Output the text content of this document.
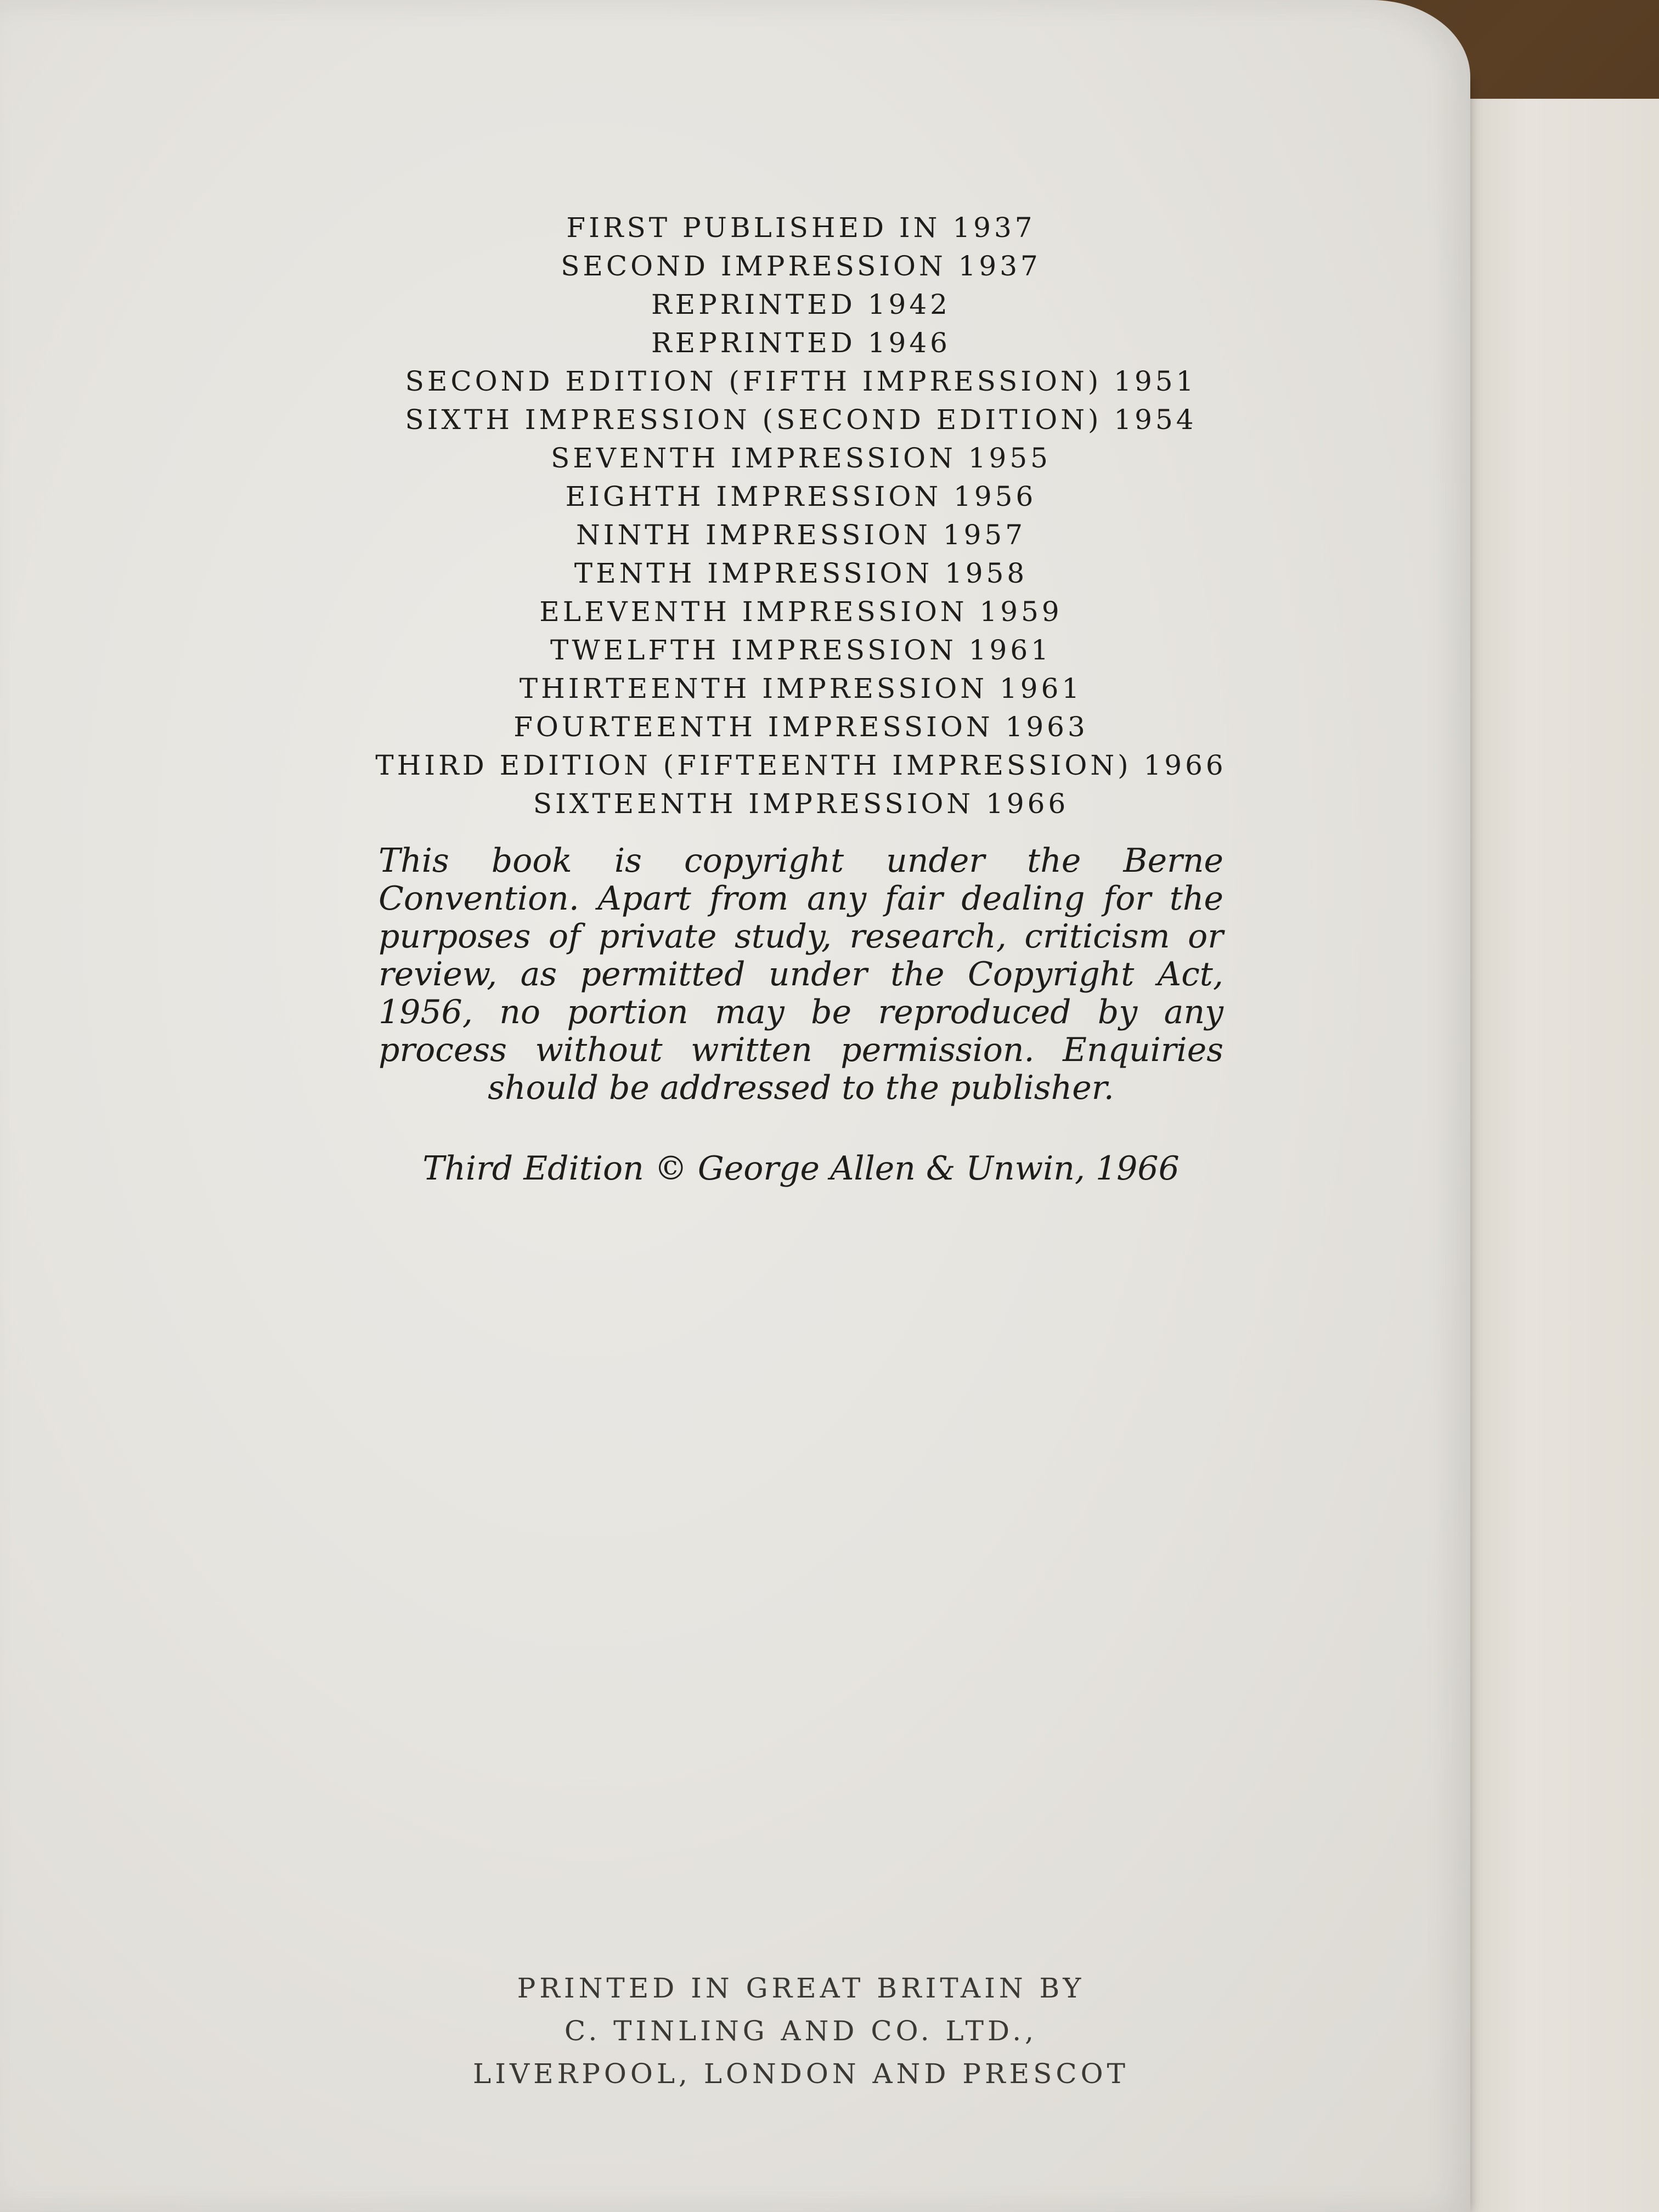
FIRST PUBLISHED IN 1937
SECOND IMPRESSION 1937
REPRINTED 1942
REPRINTED 1946
SECOND EDITION (FIFTH IMPRESSION) 1951
SIXTH IMPRESSION (SECOND EDITION) 1954
SEVENTH IMPRESSION 1955
EIGHTH IMPRESSION 1956
NINTH IMPRESSION 1957
TENTH IMPRESSION 1958
ELEVENTH IMPRESSION 1959
TWELFTH IMPRESSION 1961
THIRTEENTH IMPRESSION 1961
FOURTEENTH IMPRESSION 1963
THIRD EDITION (FIFTEENTH IMPRESSION) 1966
SIXTEENTH IMPRESSION 1966

This book is copyright under the Berne Convention. Apart from any fair dealing for the purposes of private study, research, criticism or review, as permitted under the Copyright Act, 1956, no portion may be reproduced by any process without written permission. Enquiries should be addressed to the publisher.

Third Edition © George Allen & Unwin, 1966

PRINTED IN GREAT BRITAIN BY
C. TINLING AND CO. LTD.,
LIVERPOOL, LONDON AND PRESCOT
